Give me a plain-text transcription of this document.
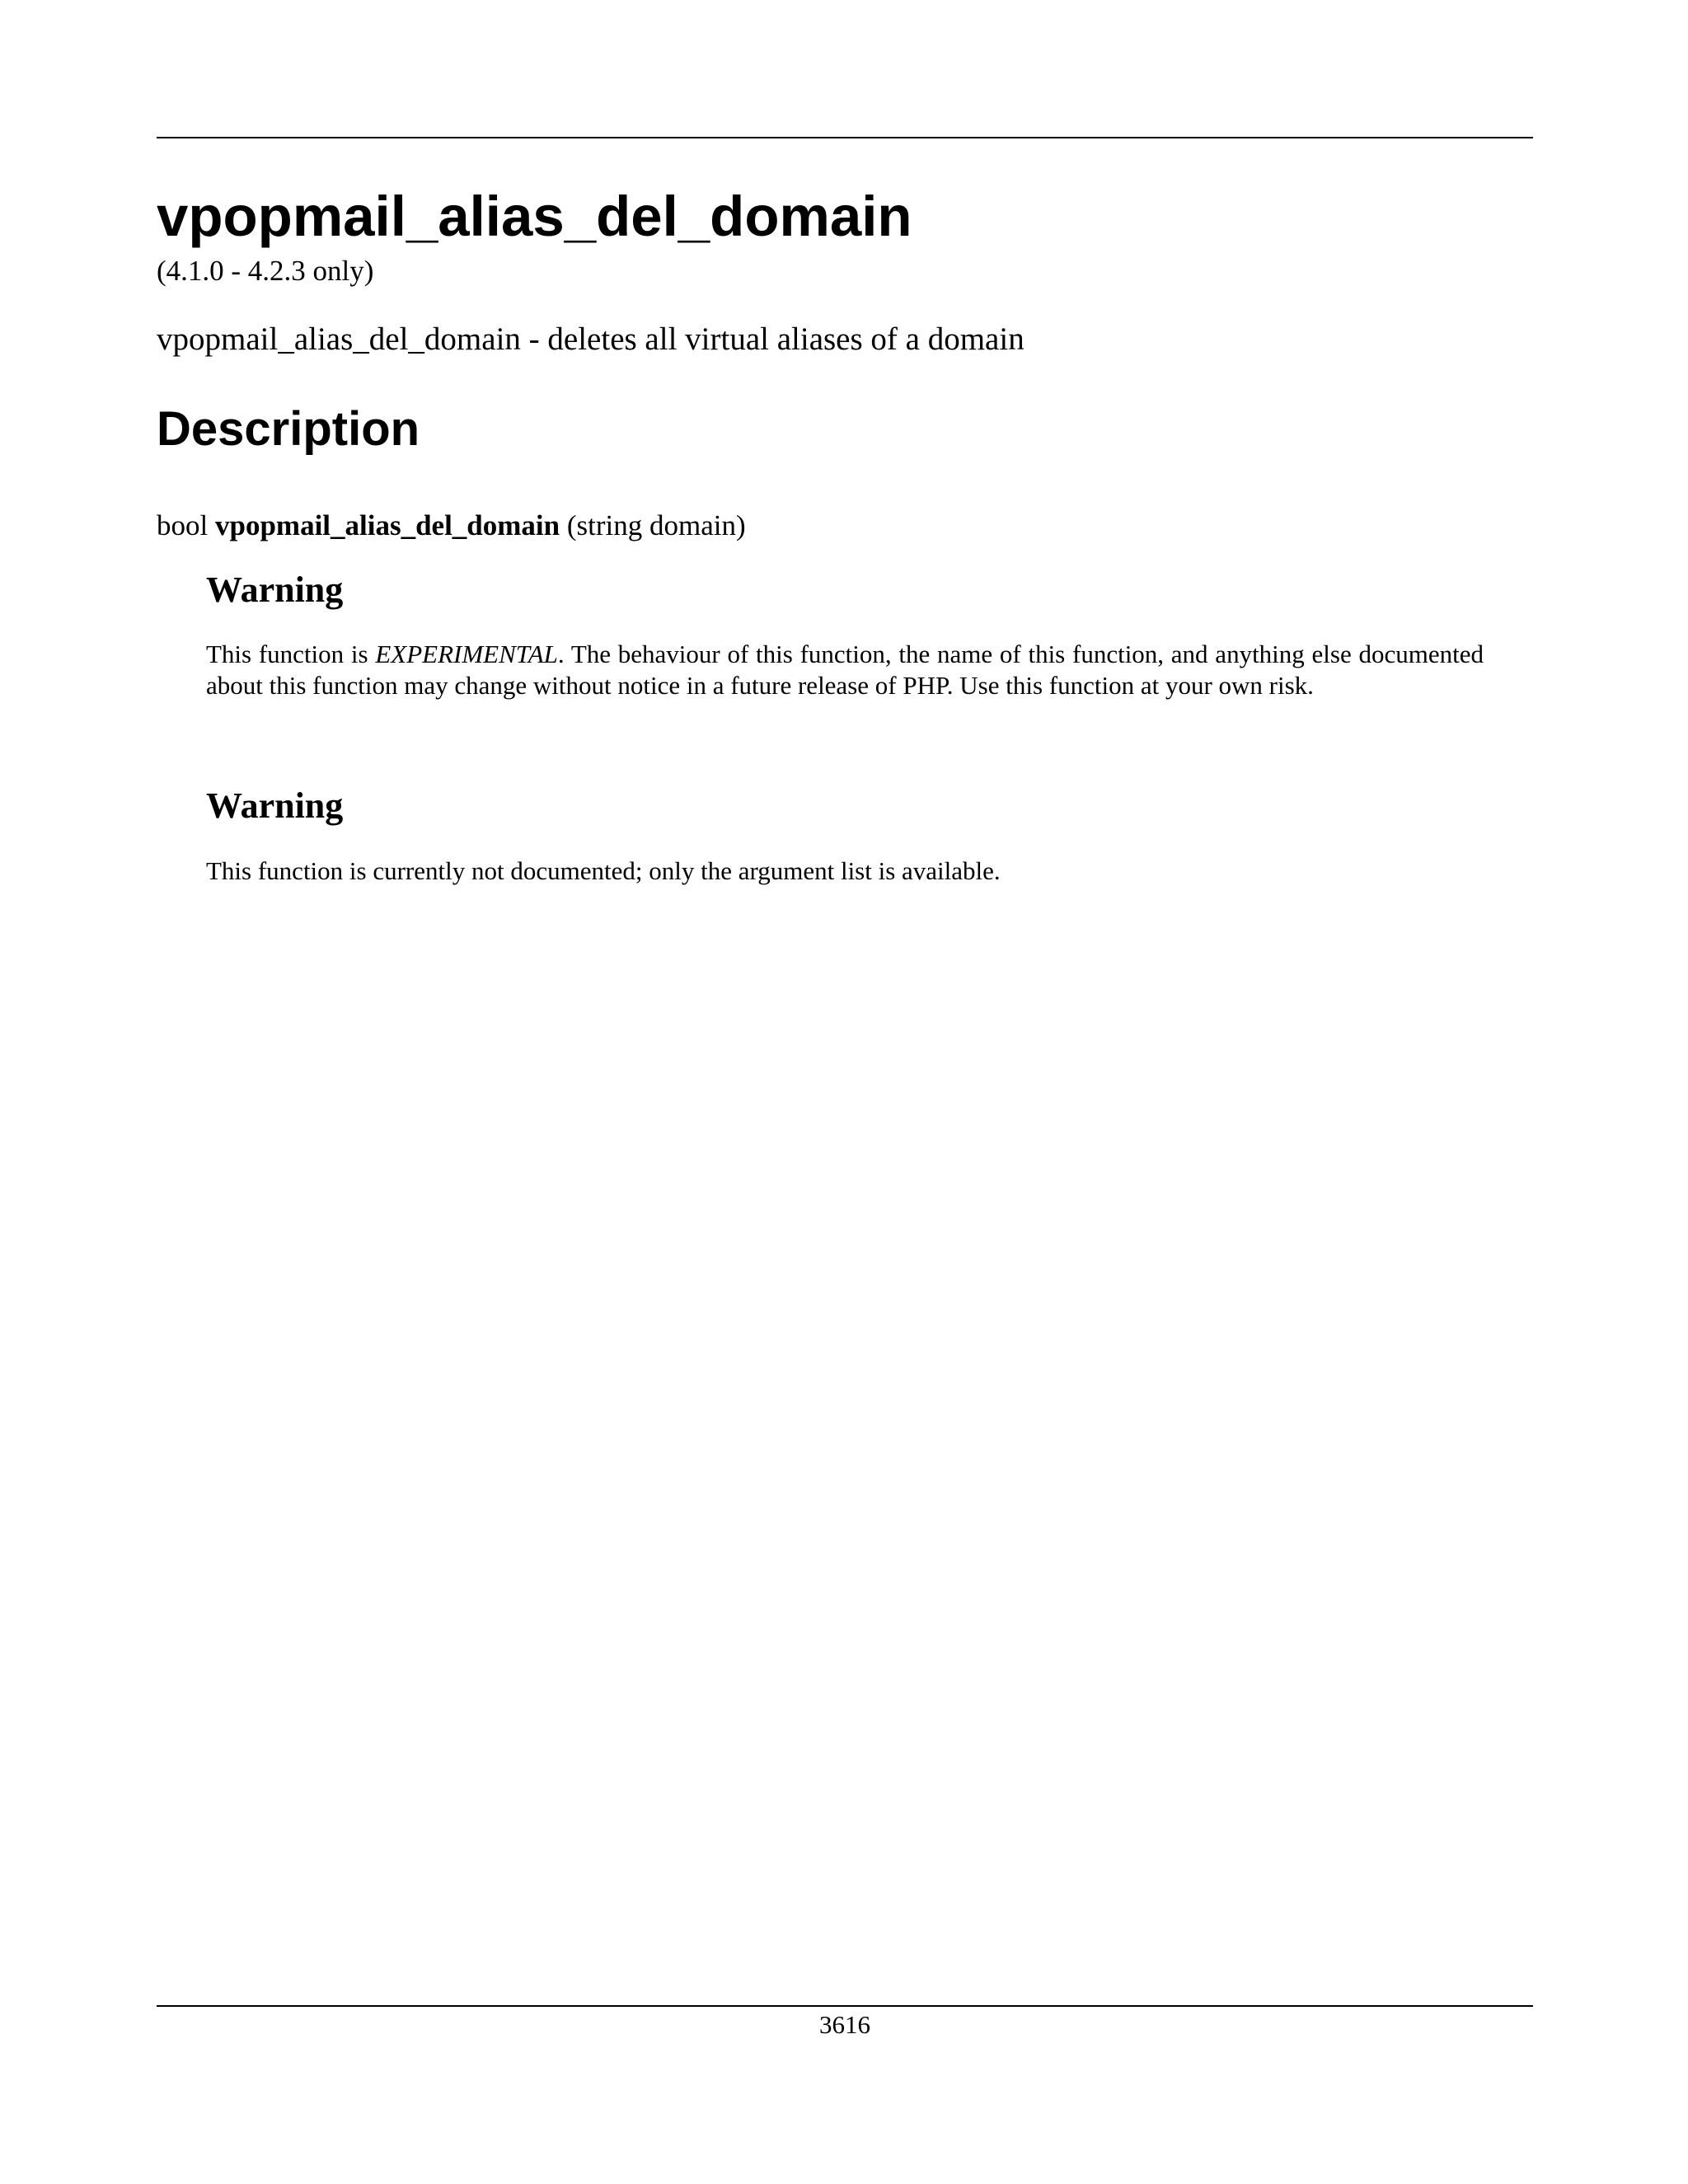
vpopmail_alias_del_domain
(4.1.0 - 4.2.3 only)
vpopmail_alias_del_domain - deletes all virtual aliases of a domain
Description
bool vpopmail_alias_del_domain (string domain)
Warning

This function is EXPERIMENTAL. The behaviour of this function, the name of this function, and anything else documented about this function may change without notice in a future release of PHP. Use this function at your own risk.

Warning

This function is currently not documented; only the argument list is available.

3616
